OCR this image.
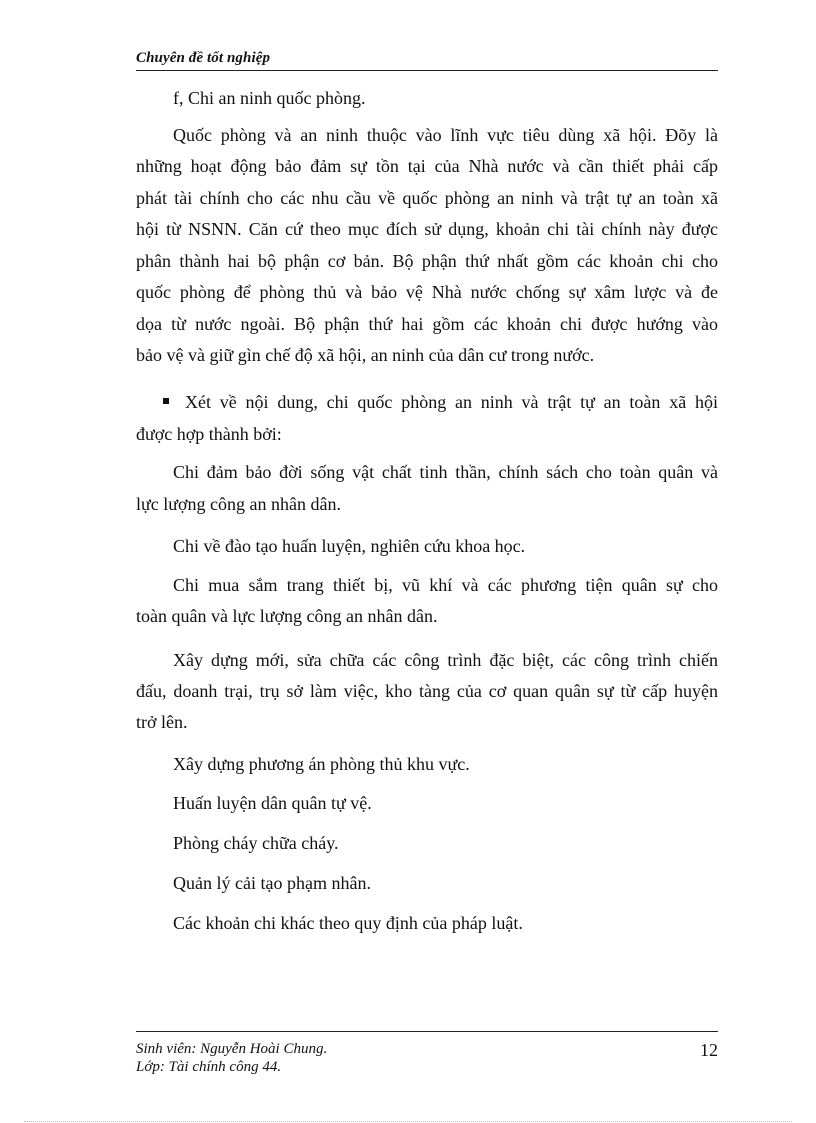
Chuyên đề tốt nghiệp
f, Chi an ninh quốc phòng.
Quốc phòng và an ninh thuộc vào lĩnh vực tiêu dùng xã hội. Đõy là
những hoạt động bảo đảm sự tồn tại của Nhà nước và cần thiết phải cấp
phát tài chính cho các nhu cầu về quốc phòng an ninh và trật tự an toàn xã
hội từ NSNN. Căn cứ theo mục đích sử dụng, khoản chi tài chính này được
phân thành hai bộ phận cơ bản. Bộ phận thứ nhất gồm các khoản chi cho
quốc phòng để phòng thủ và bảo vệ Nhà nước chống sự xâm lược và đe
dọa từ nước ngoài. Bộ phận thứ hai gồm các khoản chi được hướng vào
bảo vệ và giữ gìn chế độ xã hội, an ninh của dân cư trong nước.
Xét về nội dung, chi quốc phòng an ninh và trật tự an toàn xã hội
được hợp thành bởi:
Chi đảm bảo đời sống vật chất tinh thần, chính sách cho toàn quân và
lực lượng công an nhân dân.
Chi về đào tạo huấn luyện, nghiên cứu khoa học.
Chi mua sắm trang thiết bị, vũ khí và các phương tiện quân sự cho
toàn quân và lực lượng công an nhân dân.
Xây dựng mới, sửa chữa các công trình đặc biệt, các công trình chiến
đấu, doanh trại, trụ sở làm việc, kho tàng của cơ quan quân sự từ cấp huyện
trở lên.
Xây dựng phương án phòng thủ khu vực.
Huấn luyện dân quân tự vệ.
Phòng cháy chữa cháy.
Quản lý cải tạo phạm nhân.
Các khoản chi khác theo quy định của pháp luật.
Sinh viên: Nguyễn Hoài Chung.
Lớp: Tài chính công 44.
12
